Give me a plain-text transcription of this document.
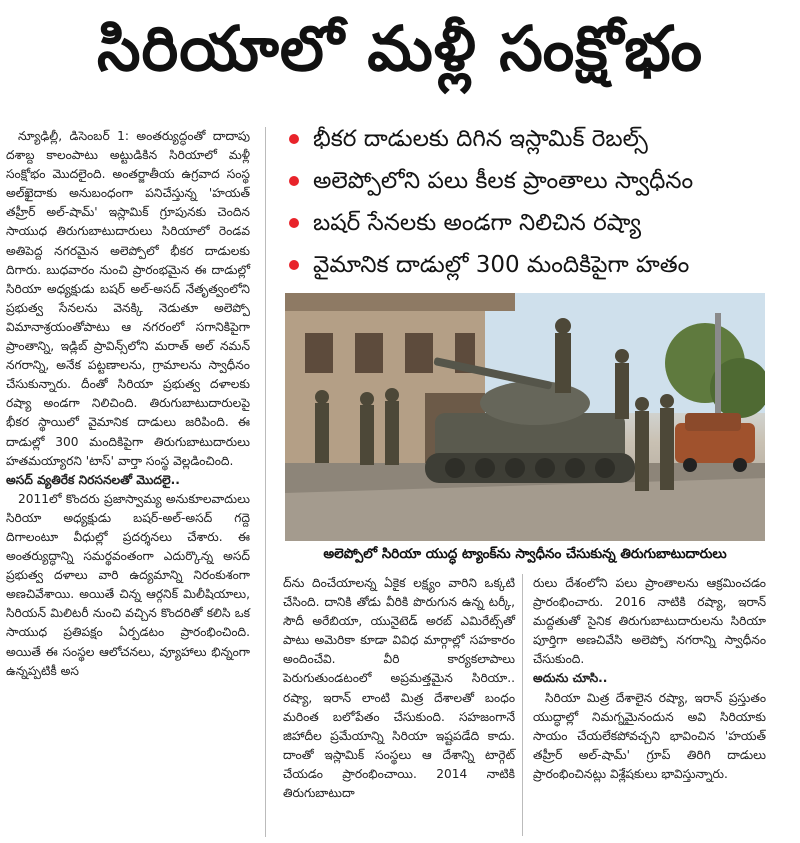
సిరియాలో మళ్లీ సంక్షోభం

న్యూఢిల్లీ, డిసెంబర్ 1: అంతర్యుద్ధంతో దాదాపు దశాబ్ద కాలంపాటు అట్టుడికిన సిరియాలో మళ్లీ సంక్షోభం మొదలైంది. అంతర్జాతీయ ఉగ్రవాద సంస్థ అల్‌ఖైదాకు అనుబంధంగా పనిచేస్తున్న 'హయత్ తహ్రీర్ అల్-షామ్' ఇస్లామిక్ గ్రూపునకు చెందిన సాయుధ తిరుగుబాటుదారులు సిరియాలో రెండవ అతిపెద్ద నగరమైన అలెప్పోలో భీకర దాడులకు దిగారు. బుధవారం నుంచి ప్రారంభమైన ఈ దాడుల్లో సిరియా అధ్యక్షుడు బషర్ అల్-అసద్ నేతృత్వంలోని ప్రభుత్వ సేనలను వెనక్కి నెడుతూ అలెప్పో విమానాశ్రయంతోపాటు ఆ నగరంలో సగానికిపైగా ప్రాంతాన్ని, ఇడ్లిబ్ ప్రావిన్స్‌లోని మరాత్ అల్ నమన్ నగరాన్ని, అనేక పట్టణాలను, గ్రామాలను స్వాధీనం చేసుకున్నారు. దీంతో సిరియా ప్రభుత్వ దళాలకు రష్యా అండగా నిలిచింది. తిరుగుబాటుదారులపై భీకర స్థాయిలో వైమానిక దాడులు జరిపింది. ఈ దాడుల్లో 300 మందికిపైగా తిరుగుబాటుదారులు హతమయ్యారని 'టాస్' వార్తా సంస్థ వెల్లడించింది.

అసద్ వ్యతిరేక నిరసనలతో మొదలై..

2011లో కొందరు ప్రజాస్వామ్య అనుకూలవాదులు సిరియా అధ్యక్షుడు బషర్-అల్-అసద్ గద్దె దిగాలంటూ వీధుల్లో ప్రదర్శనలు చేశారు. ఈ అంతర్యుద్ధాన్ని సమర్థవంతంగా ఎదుర్కొన్న అసద్ ప్రభుత్వ దళాలు వారి ఉద్యమాన్ని నిరంకుశంగా అణచివేశాయి. అయితే చిన్న ఆర్గనిక్ మిలీషియాలు, సిరియన్ మిలిటరీ నుంచి వచ్చిన కొందరితో కలిసి ఒక సాయుధ ప్రతిపక్షం ఏర్పడటం ప్రారంభించింది. అయితే ఈ సంస్థల ఆలోచనలు, వ్యూహాలు భిన్నంగా ఉన్నప్పటికీ అస

భీకర దాడులకు దిగిన ఇస్లామిక్ రెబల్స్
అలెప్పోలోని పలు కీలక ప్రాంతాలు స్వాధీనం
బషర్ సేనలకు అండగా నిలిచిన రష్యా
వైమానిక దాడుల్లో 300 మందికిపైగా హతం
అలెప్పోలో సిరియా యుద్ధ ట్యాంక్‌ను స్వాధీనం చేసుకున్న తిరుగుబాటుదారులు

ద్‌ను దించేయాలన్న ఏకైక లక్ష్యం వారిని ఒక్కటి చేసింది. దానికి తోడు వీరికి పొరుగున ఉన్న టర్కీ, సౌదీ అరేబియా, యునైటెడ్ అరబ్ ఎమిరేట్స్‌తో పాటు అమెరికా కూడా వివిధ మార్గాల్లో సహకారం అందించేవి. వీరి కార్యకలాపాలు పెరుగుతుండటంలో అప్రమత్తమైన సిరియా.. రష్యా, ఇరాన్ లాంటి మిత్ర దేశాలతో బంధం మరింత బలోపేతం చేసుకుంది. సహజంగానే జిహాదీల ప్రమేయాన్ని సిరియా ఇష్టపడేది కాదు. దాంతో ఇస్లామిక్ సంస్థలు ఆ దేశాన్ని టార్గెట్ చేయడం ప్రారంభించాయి. 2014 నాటికి తిరుగుబాటుదా

రులు దేశంలోని పలు ప్రాంతాలను ఆక్రమించడం ప్రారంభించారు. 2016 నాటికి రష్యా, ఇరాన్ మద్దతుతో సైనిక తిరుగుబాటుదారులను సిరియా పూర్తిగా అణచివేసి అలెప్పో నగరాన్ని స్వాధీనం చేసుకుంది.

అదును చూసి..

సిరియా మిత్ర దేశాలైన రష్యా, ఇరాన్ ప్రస్తుతం యుద్ధాల్లో నిమగ్నమైనందున అవి సిరియాకు సాయం చేయలేకపోవచ్చని భావించిన 'హయత్ తహ్రీర్ అల్-షామ్' గ్రూప్ తిరిగి దాడులు ప్రారంభించినట్లు విశ్లేషకులు భావిస్తున్నారు.
